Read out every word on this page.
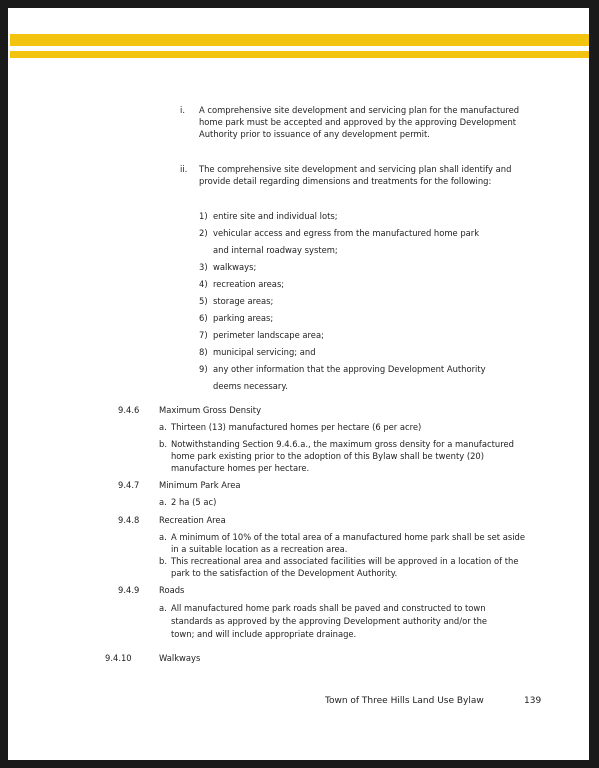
i. A comprehensive site development and servicing plan for the manufactured home park must be accepted and approved by the approving Development Authority prior to issuance of any development permit.
ii. The comprehensive site development and servicing plan shall identify and provide detail regarding dimensions and treatments for the following:
1) entire site and individual lots;
2) vehicular access and egress from the manufactured home park
and internal roadway system;
3) walkways;
4) recreation areas;
5) storage areas;
6) parking areas;
7) perimeter landscape area;
8) municipal servicing; and
9) any other information that the approving Development Authority
deems necessary.
9.4.6 Maximum Gross Density
a. Thirteen (13) manufactured homes per hectare (6 per acre)
b. Notwithstanding Section 9.4.6.a., the maximum gross density for a manufactured home park existing prior to the adoption of this Bylaw shall be twenty (20) manufacture homes per hectare.
9.4.7 Minimum Park Area
a. 2 ha (5 ac)
9.4.8 Recreation Area
a. A minimum of 10% of the total area of a manufactured home park shall be set aside in a suitable location as a recreation area.
b. This recreational area and associated facilities will be approved in a location of the park to the satisfaction of the Development Authority.
9.4.9 Roads
a. All manufactured home park roads shall be paved and constructed to town standards as approved by the approving Development authority and/or the town; and will include appropriate drainage.
9.4.10	Walkways
Town of Three Hills Land Use Bylaw	139
